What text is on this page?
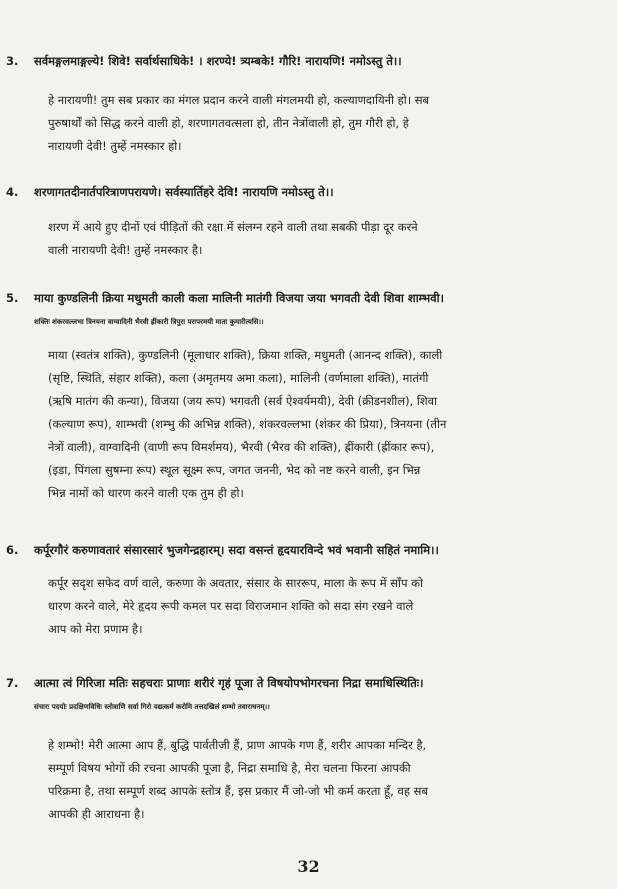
3. सर्वमङ्गलमाङ्गल्ये! शिवे! सर्वार्थसाधिके! । शरण्ये! त्र्यम्बके! गौरि! नारायणि! नमोऽस्तु ते।।
हे नारायणी! तुम सब प्रकार का मंगल प्रदान करने वाली मंगलमयी हो, कल्याणदायिनी हो। सब
पुरुषार्थों को सिद्ध करने वाली हो, शरणागतवत्सला हो, तीन नेत्रोंवाली हो, तुम गौरी हो, हे
नारायणी देवी! तुम्हें नमस्कार हो।
4. शरणागतदीनार्तपरित्राणपरायणे। सर्वस्यार्तिहरे देवि! नारायणि नमोऽस्तु ते।।
शरण में आये हुए दीनों एवं पीड़ितों की रक्षा में संलग्न रहने वाली तथा सबकी पीड़ा दूर करने
वाली नारायणी देवी! तुम्हें नमस्कार है।
5. माया कुण्डलिनी क्रिया मधुमती काली कला मालिनी मातंगी विजया जया भगवती देवी शिवा शाम्भवी।
शक्तिः शंकरवल्लभा त्रिनयना वाग्वादिनी भैरवी ह्रींकारी त्रिपुरा परापरमयी माता कुमारीत्यसि।।
माया (स्वतंत्र शक्ति), कुण्डलिनी (मूलाधार शक्ति), क्रिया शक्ति, मधुमती (आनन्द शक्ति), काली
(सृष्टि, स्थिति, संहार शक्ति), कला (अमृतमय अमा कला), मालिनी (वर्णमाला शक्ति), मातंगी
(ऋषि मातंग की कन्या), विजया (जय रूप) भगवती (सर्व ऐश्वर्यमयी), देवी (क्रीडनशील), शिवा
(कल्याण रूप), शाम्भवी (शम्भु की अभिन्न शक्ति), शंकरवल्लभा (शंकर की प्रिया), त्रिनयना (तीन
नेत्रों वाली), वाग्वादिनी (वाणी रूप विमर्शमय), भैरवी (भैरव की शक्ति), ह्रींकारी (ह्रींकार रूप),
(इडा, पिंगला सुषम्ना रूप) स्थूल सूक्ष्म रूप, जगत जननी, भेद को नष्ट करने वाली, इन भिन्न
भिन्न नामों को धारण करने वाली एक तुम ही हो।
6. कर्पूरगौरं करुणावतारं संसारसारं भुजगेन्द्रहारम्। सदा वसन्तं हृदयारविन्दे भवं भवानी सहितं नमामि।।
कर्पूर सदृश सफेद वर्ण वाले, करुणा के अवतार, संसार के साररूप, माला के रूप में साँप को
धारण करने वाले, मेरे हृदय रूपी कमल पर सदा विराजमान शक्ति को सदा संग रखने वाले
आप को मेरा प्रणाम है।
7. आत्मा त्वं गिरिजा मतिः सहचराः प्राणाः शरीरं गृहं पूजा ते विषयोपभोगरचना निद्रा समाधिस्थितिः।
संचारः पदयोः प्रदक्षिणविधिः स्तोत्राणि सर्वा गिरो यद्यत्कर्म करोमि तत्तदखिलं शम्भो तवाराधनम्।।
हे शम्भो! मेरी आत्मा आप हैं, बुद्धि पार्वतीजी हैं, प्राण आपके गण हैं, शरीर आपका मन्दिर है,
सम्पूर्ण विषय भोगों की रचना आपकी पूजा है, निद्रा समाधि है, मेरा चलना फिरना आपकी
परिक्रमा है, तथा सम्पूर्ण शब्द आपके स्तोत्र हैं, इस प्रकार मैं जो-जो भी कर्म करता हूँ, वह सब
आपकी ही आराधना है।
32
